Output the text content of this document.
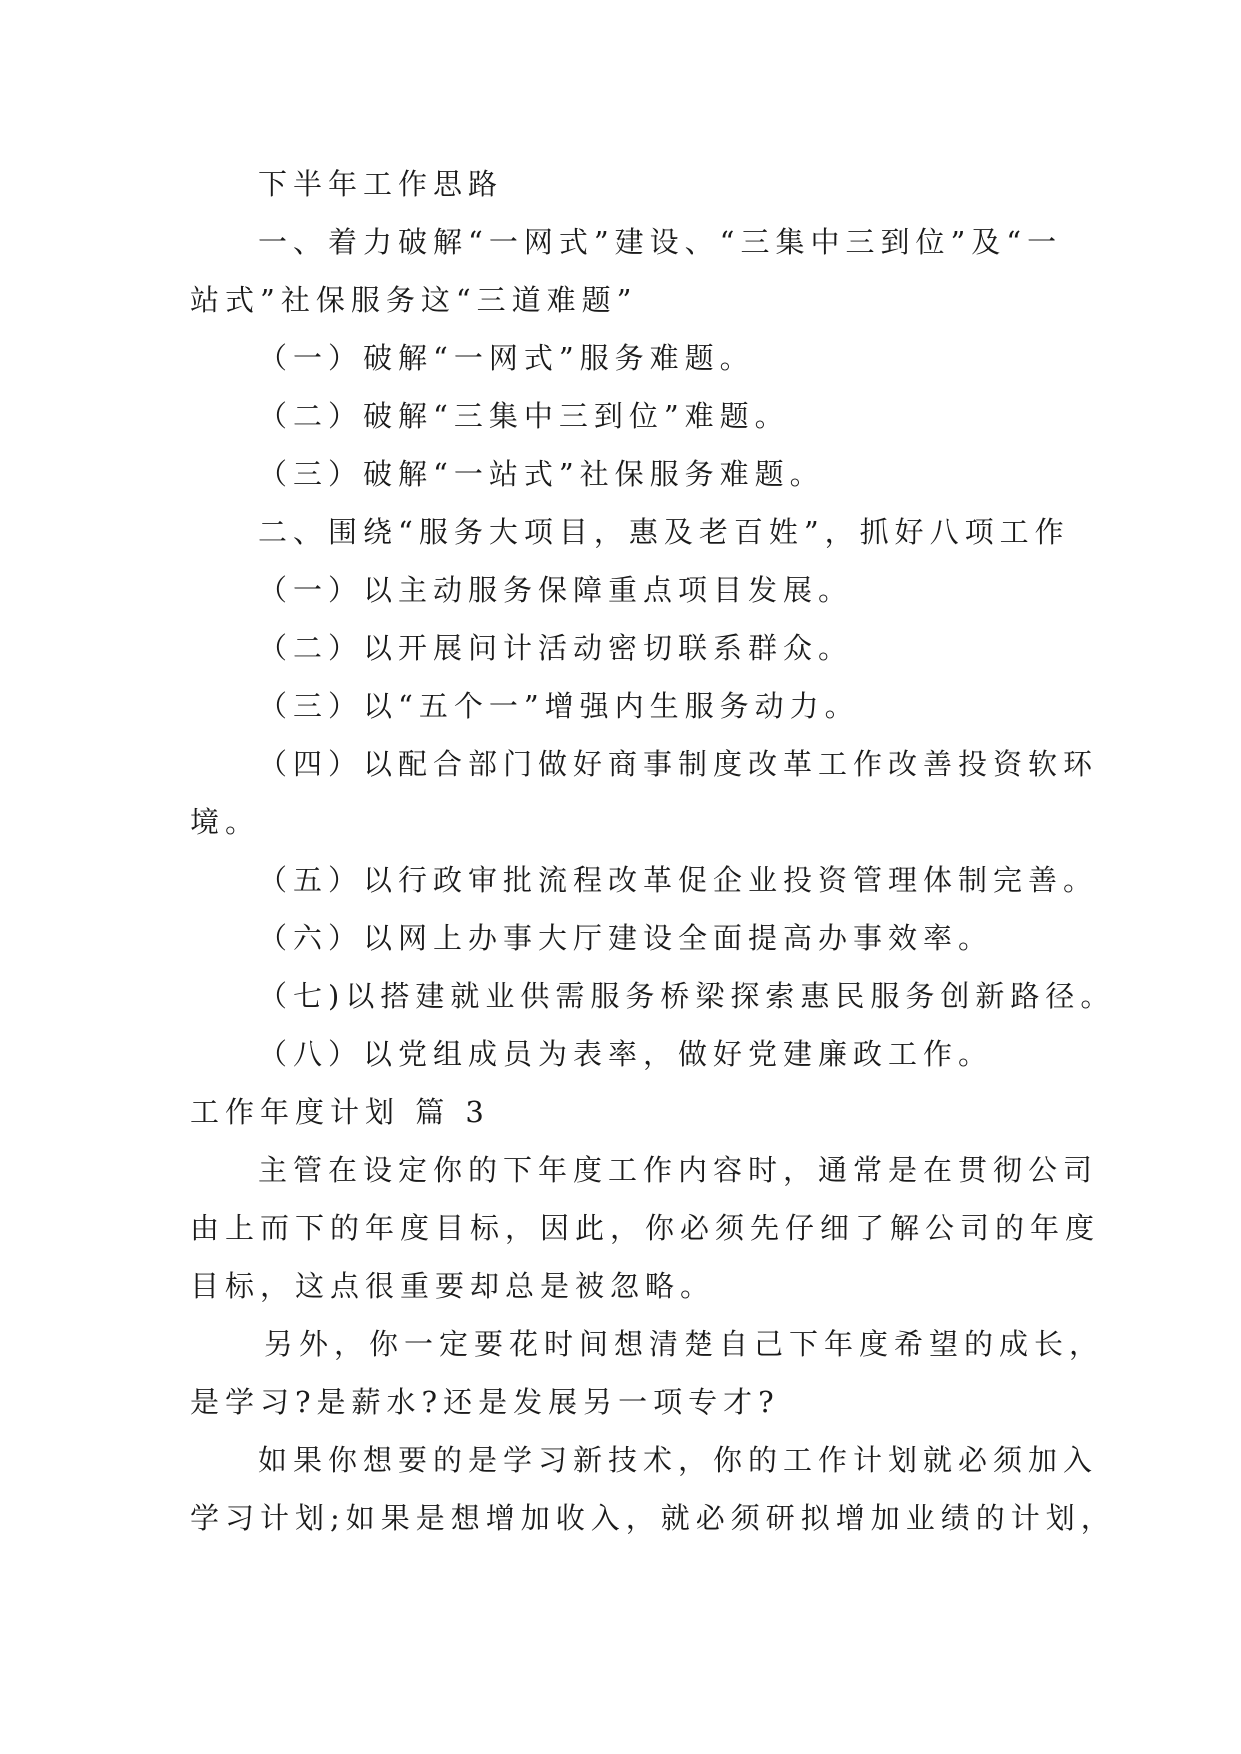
下半年工作思路
一、着力破解“一网式”建设、“三集中三到位”及“一
站式”社保服务这“三道难题”
（一）破解“一网式”服务难题。
（二）破解“三集中三到位”难题。
（三）破解“一站式”社保服务难题。
二、围绕“服务大项目，惠及老百姓”，抓好八项工作
（一）以主动服务保障重点项目发展。
（二）以开展问计活动密切联系群众。
（三）以“五个一”增强内生服务动力。
（四）以配合部门做好商事制度改革工作改善投资软环
境。
（五）以行政审批流程改革促企业投资管理体制完善。
（六）以网上办事大厅建设全面提高办事效率。
（七)以搭建就业供需服务桥梁探索惠民服务创新路径。
（八）以党组成员为表率，做好党建廉政工作。
工作年度计划 篇 3
主管在设定你的下年度工作内容时，通常是在贯彻公司
由上而下的年度目标，因此，你必须先仔细了解公司的年度
目标，这点很重要却总是被忽略。
另外，你一定要花时间想清楚自己下年度希望的成长，
是学习?是薪水?还是发展另一项专才?
如果你想要的是学习新技术，你的工作计划就必须加入
学习计划;如果是想增加收入，就必须研拟增加业绩的计划，
